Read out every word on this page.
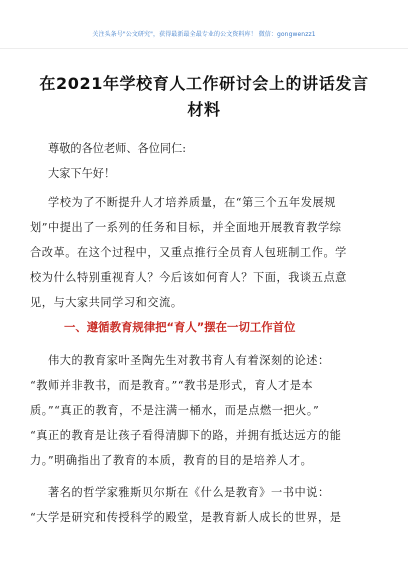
关注头条号"公文研究"，获得最新最全最专业的公文资料库！ 微信：gongwenzz1
在2021年学校育人工作研讨会上的讲话发言
材料
尊敬的各位老师、各位同仁:
大家下午好！
学校为了不断提升人才培养质量，在“第三个五年发展规
划”中提出了一系列的任务和目标，并全面地开展教育教学综
合改革。在这个过程中，又重点推行全员育人包班制工作。学
校为什么特别重视育人？今后该如何育人？下面，我谈五点意
见，与大家共同学习和交流。
一、遵循教育规律把“育人”摆在一切工作首位
伟大的教育家叶圣陶先生对教书育人有着深刻的论述：
“教师并非教书，而是教育。”“教书是形式，育人才是本
质。”“真正的教育，不是注满一桶水，而是点燃一把火。”
“真正的教育是让孩子看得清脚下的路，并拥有抵达远方的能
力。”明确指出了教育的本质，教育的目的是培养人才。
著名的哲学家雅斯贝尔斯在《什么是教育》一书中说：
“大学是研究和传授科学的殿堂，是教育新人成长的世界，是
